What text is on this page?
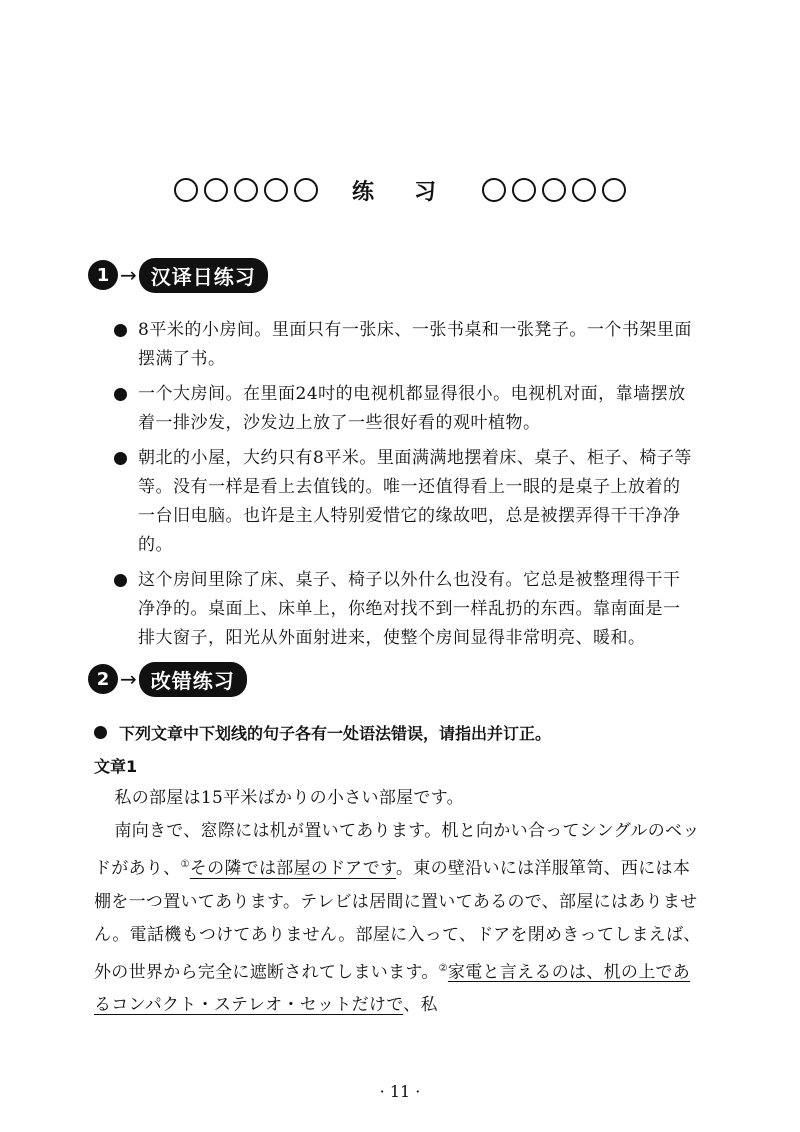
练习
1 → 汉译日练习
8平米的小房间。里面只有一张床、一张书桌和一张凳子。一个书架里面摆满了书。
一个大房间。在里面24吋的电视机都显得很小。电视机对面，靠墙摆放着一排沙发，沙发边上放了一些很好看的观叶植物。
朝北的小屋，大约只有8平米。里面满满地摆着床、桌子、柜子、椅子等等。没有一样是看上去值钱的。唯一还值得看上一眼的是桌子上放着的一台旧电脑。也许是主人特别爱惜它的缘故吧，总是被摆弄得干干净净的。
这个房间里除了床、桌子、椅子以外什么也没有。它总是被整理得干干净净的。桌面上、床单上，你绝对找不到一样乱扔的东西。靠南面是一排大窗子，阳光从外面射进来，使整个房间显得非常明亮、暖和。
2 → 改错练习
下列文章中下划线的句子各有一处语法错误，请指出并订正。
文章1

私の部屋は15平米ばかりの小さい部屋です。

南向きで、窓際には机が置いてあります。机と向かい合ってシングルのベッドがあり、①その隣では部屋のドアです。東の壁沿いには洋服箪笥、西には本棚を一つ置いてあります。テレビは居間に置いてあるので、部屋にはありません。電話機もつけてありません。部屋に入って、ドアを閉めきってしまえば、外の世界から完全に遮断されてしまいます。②家電と言えるのは、机の上であるコンパクト・ステレオ・セットだけで、私

· 11 ·
